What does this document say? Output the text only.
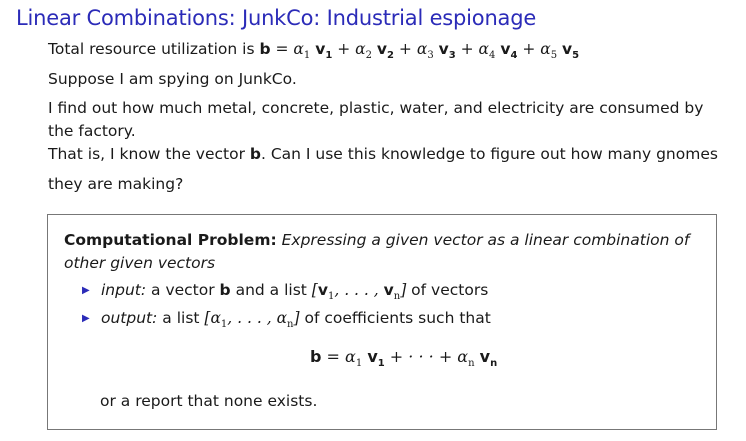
Linear Combinations: JunkCo: Industrial espionage
Total resource utilization is $b = \alpha_1$ $v_1 + \alpha_2$ $v_2 + \alpha_3$ $v_3 + \alpha_4$ $v_4 + \alpha_5$ $v_5$
Suppose I am spying on JunkCo.
I find out how much metal, concrete, plastic, water, and electricity are consumed by
the factory.
That is, I know the vector b. Can I use this knowledge to figure out how many gnomes
they are making?
Computational Problem: Expressing a given vector as a linear combination of
other given vectors
▶ input: a vector b and a list [$v_1$, . . . , $v_n$] of vectors
▶ output: a list [$\alpha_1$, . . . , $\alpha_n$] of coefficients such that
$b = \alpha_1$ $v_1$ + · · · + $\alpha_n$ $v_n$
or a report that none exists.
